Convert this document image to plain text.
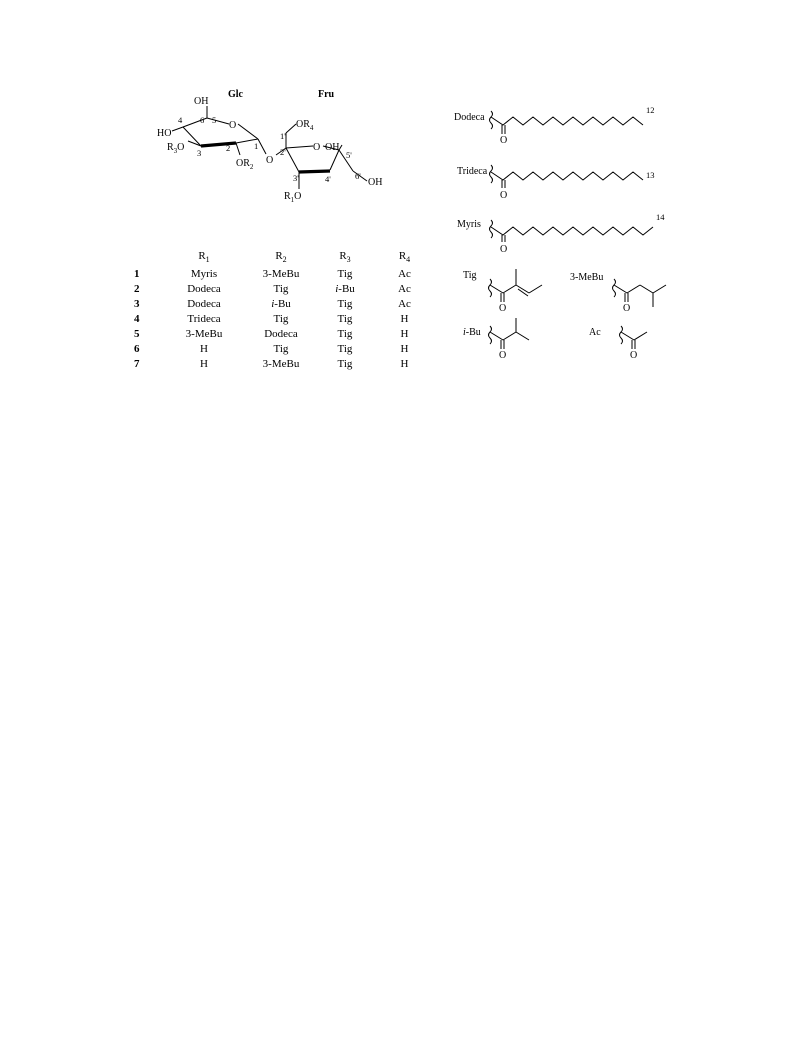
Glc	Fru
OH
HO
$R_3O$
$OR_2$
O
O
4 6 5
3	2	1
$OR_4$
O OH
OH
$R_1O$
1'
2'
3'	4'
5'
6'
Dodeca
O
12
Trideca
O
13
Myris
O
14
Tig
O
3-MeBu
O
i-Bu
O
Ac
O
	$R_1$	$R_2$	$R_3$	$R_4$
1	Myris	3-MeBu	Tig	Ac
2	Dodeca	Tig	i-Bu	Ac
3	Dodeca	i-Bu	Tig	Ac
4	Trideca	Tig	Tig	H
5	3-MeBu	Dodeca	Tig	H
6	H	Tig	Tig	H
7	H	3-MeBu	Tig	H
